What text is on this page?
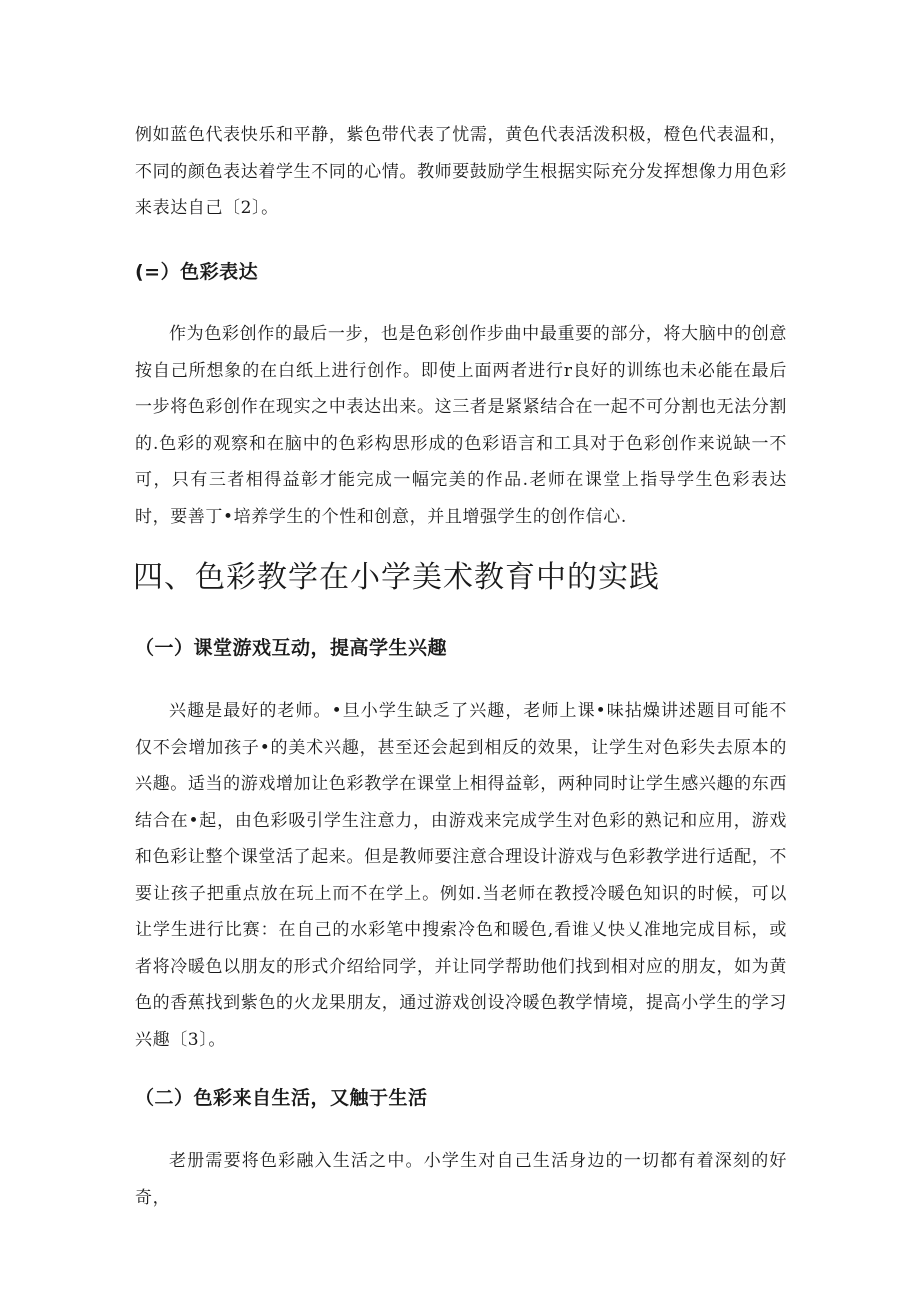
例如蓝色代表快乐和平静，紫色带代表了忧需，黄色代表活泼积极，橙色代表温和，不同的颜色表达着学生不同的心情。教师要鼓励学生根据实际充分发挥想像力用色彩来表达自己〔2〕。

(=）色彩表达

作为色彩创作的最后一步，也是色彩创作步曲中最重要的部分，将大脑中的创意按自己所想象的在白纸上进行创作。即使上面两者进行r良好的训练也未必能在最后一步将色彩创作在现实之中表达出来。这三者是紧紧结合在一起不可分割也无法分割的.色彩的观察和在脑中的色彩构思形成的色彩语言和工具对于色彩创作来说缺一不可，只有三者相得益彰才能完成一幅完美的作品.老师在课堂上指导学生色彩表达时，要善丁•培养学生的个性和创意，并且增强学生的创作信心.

四、色彩教学在小学美术教育中的实践
（一）课堂游戏互动，提高学生兴趣

兴趣是最好的老师。•旦小学生缺乏了兴趣，老师上课•味拈燥讲述题目可能不仅不会增加孩子•的美术兴趣，甚至还会起到相反的效果，让学生对色彩失去原本的兴趣。适当的游戏增加让色彩教学在课堂上相得益彰，两种同时让学生感兴趣的东西结合在•起，由色彩吸引学生注意力，由游戏来完成学生对色彩的熟记和应用，游戏和色彩让整个课堂活了起来。但是教师要注意合理设计游戏与色彩教学进行适配，不要让孩子把重点放在玩上而不在学上。例如.当老师在教授冷暖色知识的时候，可以让学生进行比赛：在自己的水彩笔中搜索冷色和暖色,看谁乂快乂准地完成目标，或者将冷暖色以朋友的形式介绍给同学，并让同学帮助他们找到相对应的朋友，如为黄色的香蕉找到紫色的火龙果朋友，通过游戏创设冷暖色教学情境，提高小学生的学习兴趣〔3〕。

（二）色彩来自生活，又触于生活

老册需要将色彩融入生活之中。小学生对自己生活身边的一切都有着深刻的好奇，
